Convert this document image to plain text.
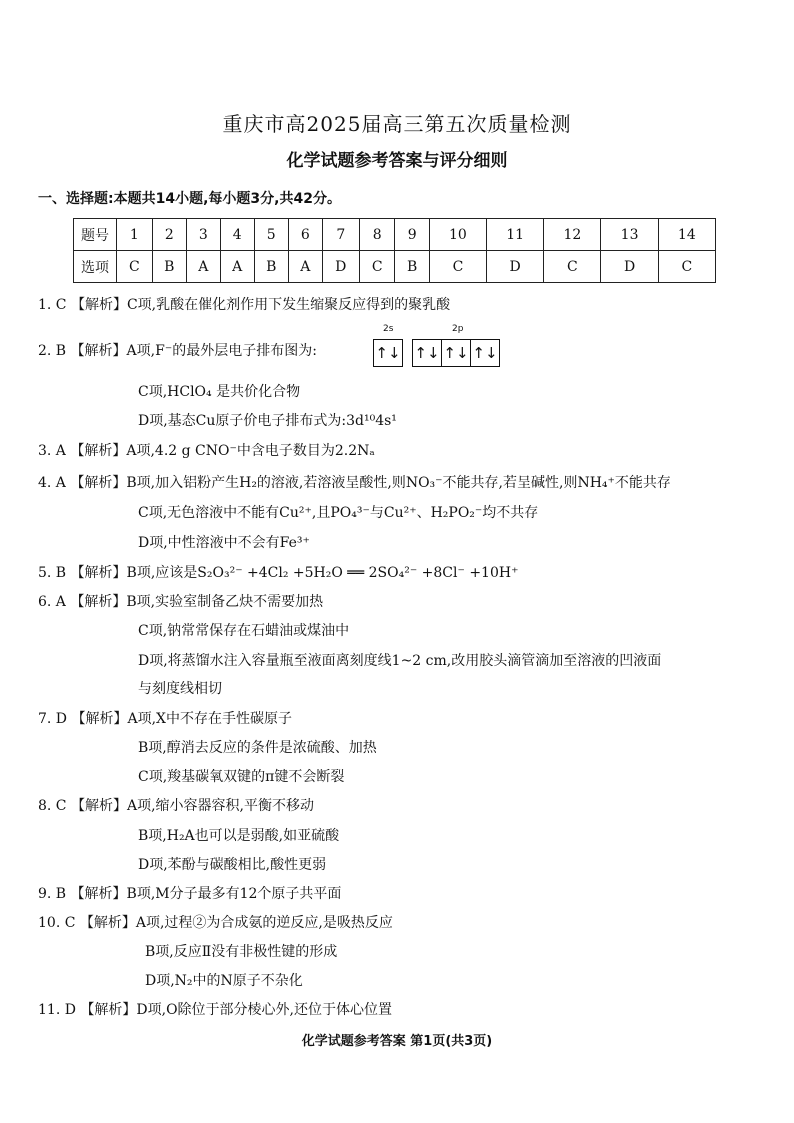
重庆市高2025届高三第五次质量检测
化学试题参考答案与评分细则
一、选择题:本题共14小题,每小题3分,共42分。
题号	1	2	3	4	5	6	7	8	9	10	11	12	13	14
选项	C	B	A	A	B	A	D	C	B	C	D	C	D	C
1. C 【解析】C项,乳酸在催化剂作用下发生缩聚反应得到的聚乳酸
2. B 【解析】A项,F⁻的最外层电子排布图为:
2s
↑↓
2p
↑↓ ↑↓ ↑↓
C项,HClO₄ 是共价化合物
D项,基态Cu原子价电子排布式为:3d¹⁰4s¹
3. A 【解析】A项,4.2 g CNO⁻中含电子数目为2.2Nₐ
4. A 【解析】B项,加入铝粉产生H₂的溶液,若溶液呈酸性,则NO₃⁻不能共存,若呈碱性,则NH₄⁺不能共存
C项,无色溶液中不能有Cu²⁺,且PO₄³⁻与Cu²⁺、H₂PO₂⁻均不共存
D项,中性溶液中不会有Fe³⁺
5. B 【解析】B项,应该是S₂O₃²⁻ +4Cl₂ +5H₂O ══ 2SO₄²⁻ +8Cl⁻ +10H⁺
6. A 【解析】B项,实验室制备乙炔不需要加热
C项,钠常常保存在石蜡油或煤油中
D项,将蒸馏水注入容量瓶至液面离刻度线1~2 cm,改用胶头滴管滴加至溶液的凹液面
与刻度线相切
7. D 【解析】A项,X中不存在手性碳原子
B项,醇消去反应的条件是浓硫酸、加热
C项,羧基碳氧双键的π键不会断裂
8. C 【解析】A项,缩小容器容积,平衡不移动
B项,H₂A也可以是弱酸,如亚硫酸
D项,苯酚与碳酸相比,酸性更弱
9. B 【解析】B项,M分子最多有12个原子共平面
10. C 【解析】A项,过程②为合成氨的逆反应,是吸热反应
B项,反应Ⅱ没有非极性键的形成
D项,N₂中的N原子不杂化
11. D 【解析】D项,O除位于部分棱心外,还位于体心位置
化学试题参考答案 第1页(共3页)
